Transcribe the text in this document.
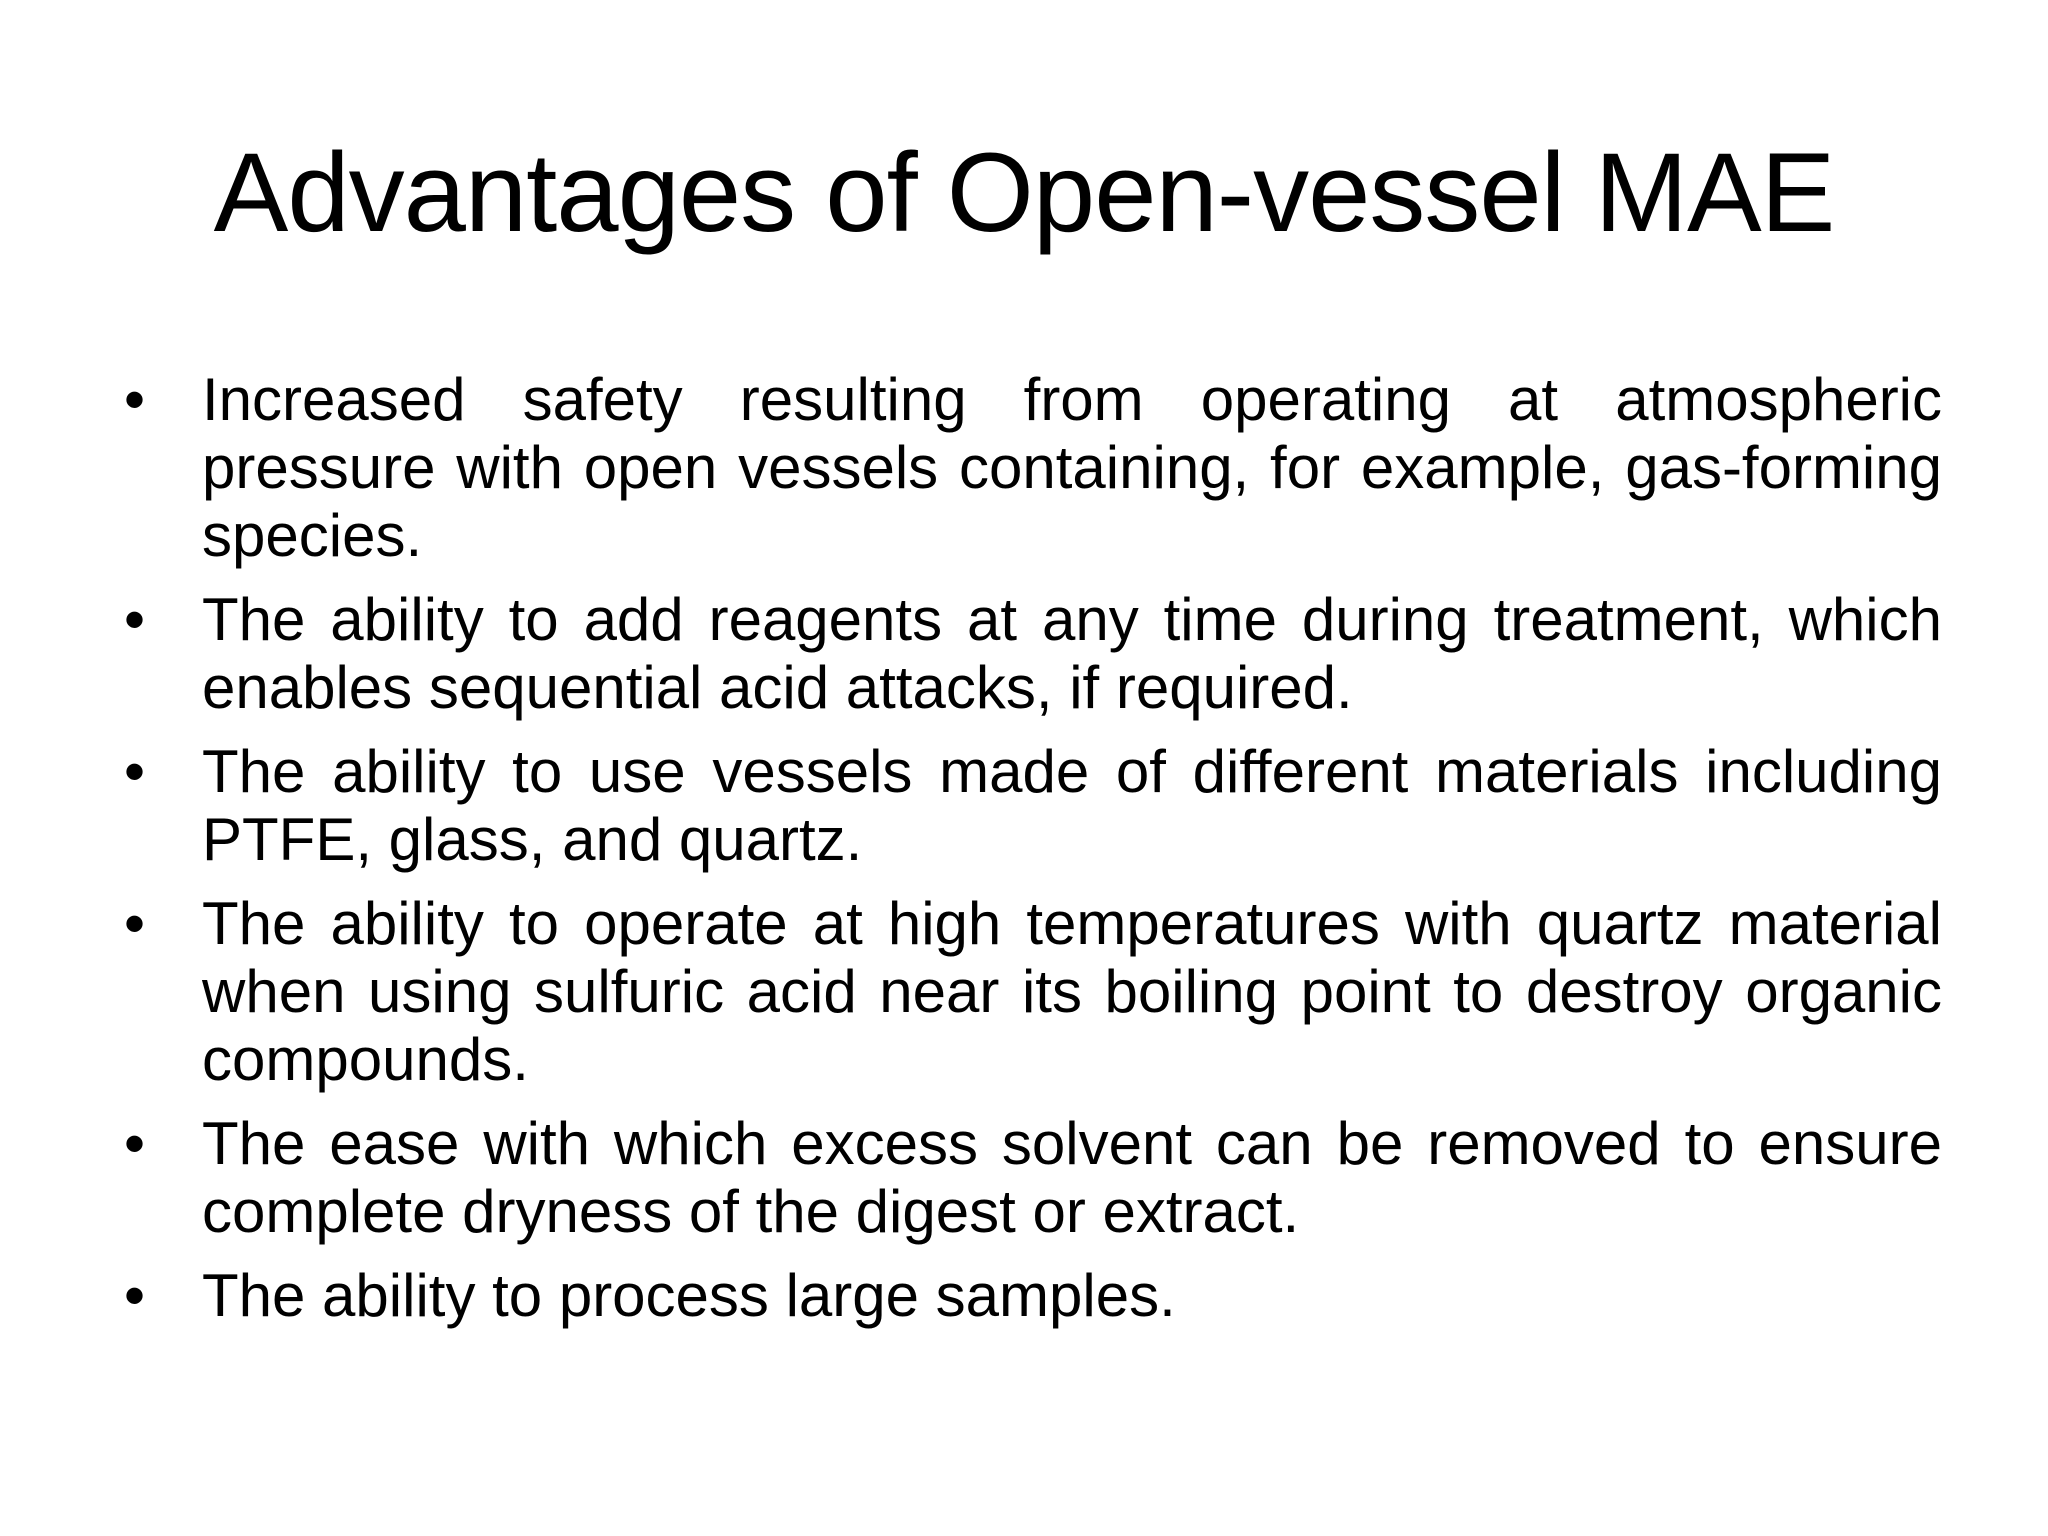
Advantages of Open-vessel MAE
• Increased safety resulting from operating at atmospheric pressure with open vessels containing, for example, gas-forming species.
• The ability to add reagents at any time during treatment, which enables sequential acid attacks, if required.
• The ability to use vessels made of different materials including PTFE, glass, and quartz.
• The ability to operate at high temperatures with quartz material when using sulfuric acid near its boiling point to destroy organic compounds.
• The ease with which excess solvent can be removed to ensure complete dryness of the digest or extract.
• The ability to process large samples.
